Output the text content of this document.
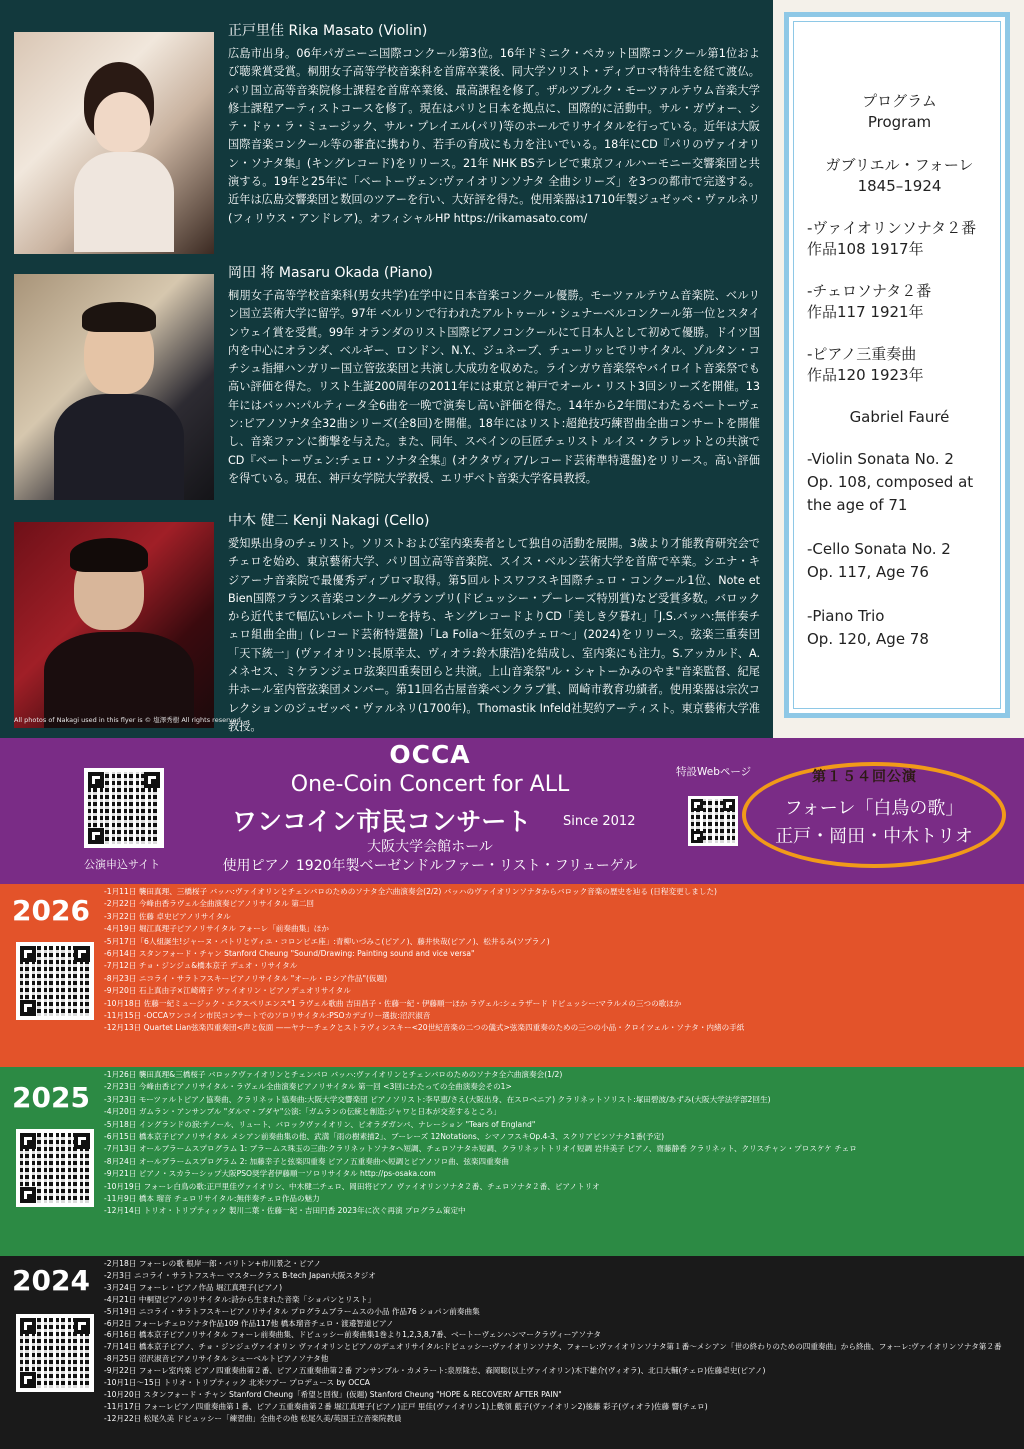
正戸里佳 Rika Masato (Violin)
広島市出身。06年パガニーニ国際コンクール第3位。16年ドミニク・ペカット国際コンクール第1位および聴衆賞受賞。桐朋女子高等学校音楽科を首席卒業後、同大学ソリスト・ディプロマ特待生を経て渡仏。パリ国立高等音楽院修士課程を首席卒業後、最高課程を修了。ザルツブルク・モーツァルテウム音楽大学修士課程アーティストコースを修了。現在はパリと日本を拠点に、国際的に活動中。サル・ガヴォー、シテ・ドゥ・ラ・ミュージック、サル・プレイエル(パリ)等のホールでリサイタルを行っている。近年は大阪国際音楽コンクール等の審査に携わり、若手の育成にも力を注いでいる。18年にCD『パリのヴァイオリン・ソナタ集』(キングレコード)をリリース。21年 NHK BSテレビで東京フィルハーモニー交響楽団と共演する。19年と25年に「ベートーヴェン:ヴァイオリンソナタ 全曲シリーズ」を3つの都市で完遂する。近年は広島交響楽団と数回のツアーを行い、大好評を得た。使用楽器は1710年製ジュゼッペ・ヴァルネリ(フィリウス・アンドレア)。オフィシャルHP https://rikamasato.com/
岡田 将 Masaru Okada (Piano)
桐朋女子高等学校音楽科(男女共学)在学中に日本音楽コンクール優勝。モーツァルテウム音楽院、ベルリン国立芸術大学に留学。97年 ベルリンで行われたアルトゥール・シュナーベルコンクール第一位とスタインウェイ賞を受賞。99年 オランダのリスト国際ピアノコンクールにて日本人として初めて優勝。ドイツ国内を中心にオランダ、ベルギー、ロンドン、N.Y.、ジュネーブ、チューリッヒでリサイタル、ゾルタン・コチシュ指揮ハンガリー国立管弦楽団と共演し大成功を収めた。ラインガウ音楽祭やバイロイト音楽祭でも高い評価を得た。リスト生誕200周年の2011年には東京と神戸でオール・リスト3回シリーズを開催。13年にはバッハ:パルティータ全6曲を一晩で演奏し高い評価を得た。14年から2年間にわたるベートーヴェン:ピアノソナタ全32曲シリーズ(全8回)を開催。18年にはリスト:超絶技巧練習曲全曲コンサートを開催し、音楽ファンに衝撃を与えた。また、同年、スペインの巨匠チェリスト ルイス・クラレットとの共演でCD『ベートーヴェン:チェロ・ソナタ全集』(オクタヴィア/レコード芸術準特選盤)をリリース。高い評価を得ている。現在、神戸女学院大学教授、エリザベト音楽大学客員教授。
中木 健二 Kenji Nakagi (Cello)
愛知県出身のチェリスト。ソリストおよび室内楽奏者として独自の活動を展開。3歳より才能教育研究会でチェロを始め、東京藝術大学、パリ国立高等音楽院、スイス・ベルン芸術大学を首席で卒業。シエナ・キジアーナ音楽院で最優秀ディプロマ取得。第5回ルトスワフスキ国際チェロ・コンクール1位、Note et Bien国際フランス音楽コンクールグランプリ(ドビュッシー・プーレーズ特別賞)など受賞多数。バロックから近代まで幅広いレパートリーを持ち、キングレコードよりCD「美しき夕暮れ」「J.S.バッハ:無伴奏チェロ組曲全曲」(レコード芸術特選盤)「La Folia〜狂気のチェロ〜」(2024)をリリース。弦楽三重奏団「天下統一」(ヴァイオリン:長原幸太、ヴィオラ:鈴木康浩)を結成し、室内楽にも注力。S.アッカルド、A.メネセス、ミケランジェロ弦楽四重奏団らと共演。上山音楽祭"ル・シャトーかみのやま"音楽監督、紀尾井ホール室内管弦楽団メンバー。第11回名古屋音楽ペンクラブ賞、岡崎市教育功績者。使用楽器は宗次コレクションのジュゼッペ・ヴァルネリ(1700年)。Thomastik Infeld社契約アーティスト。東京藝術大学准教授。
All photos of Nakagi used in this flyer is © 塩澤秀樹 All rights reserved
プログラム
Program
ガブリエル・フォーレ
1845–1924
-ヴァイオリンソナタ２番
作品108 1917年
-チェロソナタ２番
作品117 1921年
-ピアノ三重奏曲
作品120 1923年
Gabriel Fauré
-Violin Sonata No. 2
Op. 108, composed at
the age of 71
-Cello Sonata No. 2
Op. 117, Age 76
-Piano Trio
Op. 120, Age 78
公演申込サイト
OCCA
One-Coin Concert for ALL
ワンコイン市民コンサート Since 2012
大阪大学会館ホール
使用ピアノ 1920年製ベーゼンドルファー・リスト・フリューゲル
特設Webページ	第１５４回公演
フォーレ「白鳥の歌」
正戸・岡田・中木トリオ
2026
-1月11日 襲田真理、三橋桜子 バッハ:ヴァイオリンとチェンバロのためのソナタ全六曲演奏会(2/2) バッハのヴァイオリンソナタからバロック音楽の歴史を辿る (日程変更しました)
-2月22日 今峰由香ラヴェル全曲演奏ピアノリサイタル 第二回
-3月22日 佐藤 卓史ピアノリサイタル
-4月19日 堀江真理子ピアノリサイタル フォーレ「前奏曲集」ほか
-5月17日「6人組誕生!ジャーヌ・バトリとヴィユ・コロンビエ座」:青柳いづみこ(ピアノ)、藤井快哉(ピアノ)、松井るみ(ソプラノ)
-6月14日 スタンフォード・チャン Stanford Cheung "Sound/Drawing: Painting sound and vice versa"
-7月12日 チョ・ジンジュ&橋本京子 デュオ・リサイタル
-8月23日 ニコライ・サラトフスキーピアノリサイタル "オール・ロシア作品"(仮題)
-9月20日 石上真由子×江崎萌子 ヴァイオリン・ピアノデュオリサイタル
-10月18日 佐藤一紀ミュージック・エクスペリエンス*1 ラヴェル歌曲 吉田昌子・佐藤一紀・伊藤順一ほか ラヴェル:シェラザード ドビュッシー:マラルメの三つの歌ほか
-11月15日 -OCCAワンコイン市民コンサートでのソロリサイタル:PSOカデゴリー選抜:沼沢淑音
-12月13日 Quartet Lian弦楽四重奏団<声と仮面 ——ヤナーチェクとストラヴィンスキー<20世紀音楽の二つの儀式>弦楽四重奏のための三つの小品・クロイツェル・ソナタ・内緒の手紙
2025
-1月26日 襲田真理&三橋桜子 バロックヴァイオリンとチェンバロ バッハ:ヴァイオリンとチェンバロのためのソナタ全六曲演奏会(1/2)
-2月23日 今峰由香ピアノリサイタル・ラヴェル全曲演奏ピアノリサイタル 第一回 <3回にわたっての全曲演奏会その1>
-3月23日 モーツァルトピアノ協奏曲、クラリネット協奏曲:大阪大学交響楽団 ピアノソリスト:李早恵/さえ(大阪出身、在スロベニア) クラリネットソリスト:塚田碧波/あずみ(大阪大学法学部2回生)
-4月20日 ガムラン・アンサンブル "ダルマ・ブダヤ"公演:「ガムランの伝統と創造:ジャワと日本が交差するところ」
-5月18日 イングランドの涙:テノール、リュート、バロックヴァイオリン、ビオラダガンバ、ナレーション "Tears of England"
-6月15日 橋本京子ピアノリサイタル メシアン前奏曲集の他、武満「雨の樹素描2」、ブーレーズ 12Notations、シマノフスキOp.4-3、スクリアビンソナタ1番(予定)
-7月13日 オールブラームスプログラム 1: ブラームス珠玉の三曲:クラリネットソナタヘ短調、チェロソナタホ短調、クラリネットトリオイ短調 岩井美子 ピアノ、齋藤静香 クラリネット、クリスチャン・プロスケケ チェロ
-8月24日 オールブラームスプログラム 2: 加藤幸子と弦楽四重奏 ピアノ五重奏曲へ短調とピアノソロ曲、弦楽四重奏曲
-9月21日 ピアノ・スカラーシップ大阪PSO奨学者伊藤順一ソロリサイタル http://ps-osaka.com
-10月19日 フォーレ白鳥の歌:正戸里佳ヴァイオリン、中木健二チェロ、岡田将ピアノ ヴァイオリンソナタ２番、チェロソナタ２番、ピアノトリオ
-11月9日 橋本 瑠音 チェロリサイタル:無伴奏チェロ作品の魅力
-12月14日 トリオ・トリプティック 製川二葉・佐藤一紀・吉田円香 2023年に次ぐ再演 プログラム策定中
2024
-2月18日 フォーレの歌 根岸一郎・バリトン+市川景之・ピアノ
-2月3日 ニコライ・サラトフスキー マスタークラス B-tech Japan大阪スタジオ
-3月24日 フォーレ・ピアノ作品 堀江真理子(ピアノ)
-4月21日 中桐望ピアノのリサイタル:詩から生まれた音楽「ショパンとリスト」
-5月19日 ニコライ・サラトフスキーピアノリサイタル プログラムブラームスの小品 作品76 ショパン前奏曲集
-6月2日 フォーレチェロソナタ作品109 作品117他 橋本瑠音チェロ・渡邉智道ピアノ
-6月16日 橋本京子ピアノリサイタル フォーレ前奏曲集、ドビュッシー前奏曲集1巻より1,2,3,8,7番、ベートーヴェンハンマークラヴィーアソナタ
-7月14日 橋本京子ピアノ、チョ・ジンジュヴァイオリン ヴァイオリンとピアノのデュオリサイタル:ドビュッシー:ヴァイオリンソナタ、フォーレ:ヴァイオリンソナタ第１番〜メシアン「世の終わりのための四重奏曲」から終曲、フォーレ:ヴァイオリンソナタ第２番
-8月25日 沼沢淑音ピアノリサイタル シューベルトピアノソナタ他
-9月22日 フォーレ室内楽 ピアノ四重奏曲第２番、ピアノ五重奏曲第２番 アンサンブル・カメラート:泉原隆志、森岡聡(以上ヴァイオリン)木下雄介(ヴィオラ)、北口大輔(チェロ)佐藤卓史(ピアノ)
-10月1日〜15日 トリオ・トリプティック 北米ツアー プロデュース by OCCA
-10月20日 スタンフォード・チャン Stanford Cheung「希望と回復」(仮題) Stanford Cheung "HOPE & RECOVERY AFTER PAIN"
-11月17日 フォーレピアノ四重奏曲第１番、ピアノ五重奏曲第２番 堀江真理子(ピアノ)正戸 里佳(ヴァイオリン1)上敷領 藍子(ヴァイオリン2)後藤 彩子(ヴィオラ)佐藤 響(チェロ)
-12月22日 松尾久美 ドビュッシー「練習曲」全曲その他 松尾久美/英国王立音楽院教員
